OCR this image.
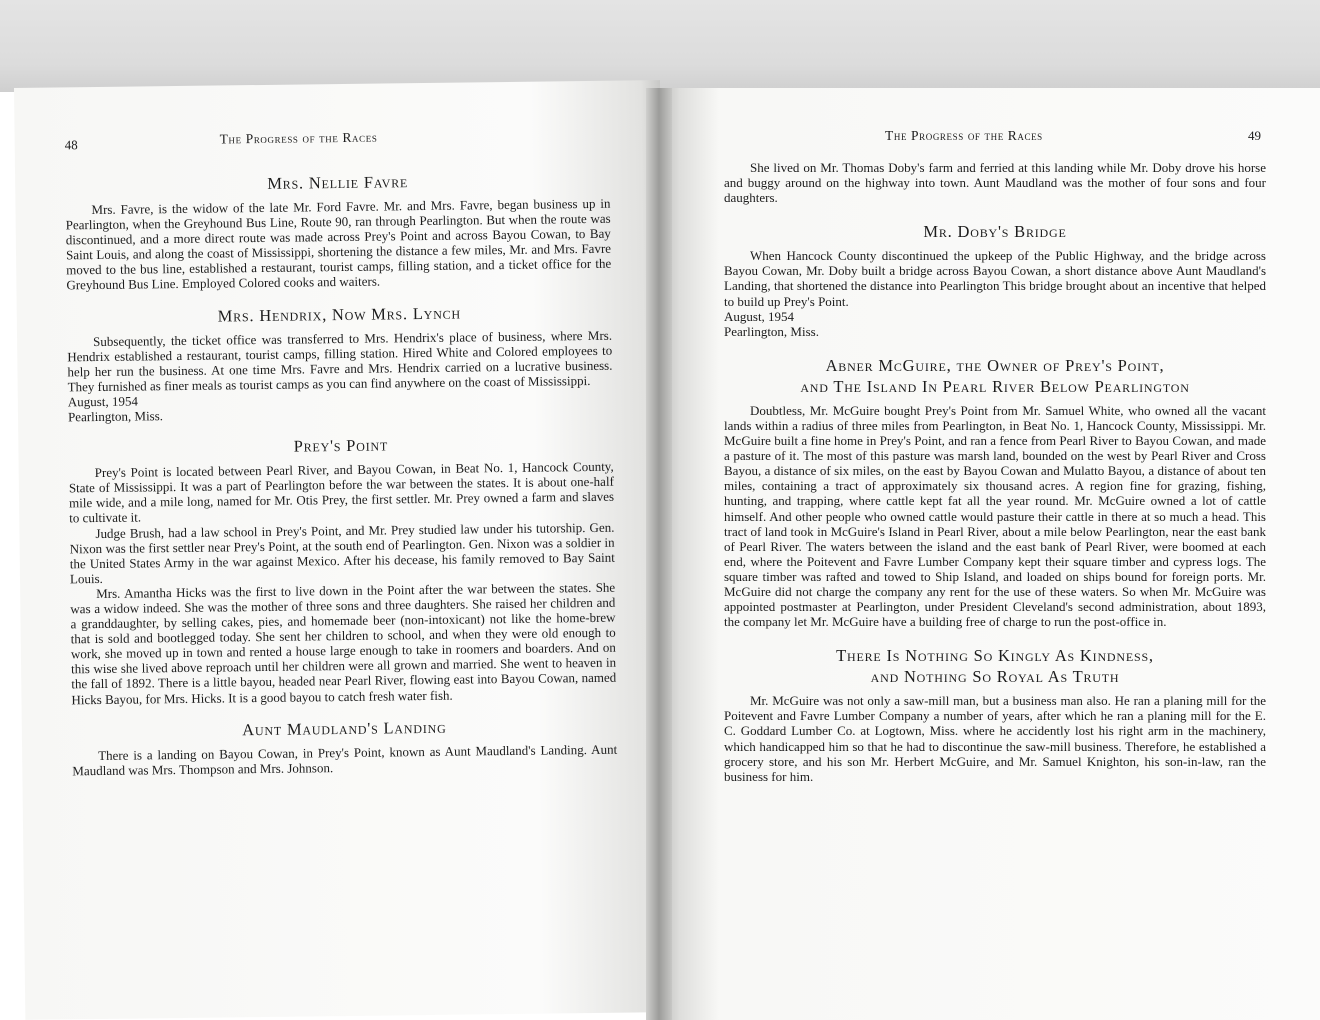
48	The Progress of the Races
Mrs. Nellie Favre

Mrs. Favre, is the widow of the late Mr. Ford Favre. Mr. and Mrs. Favre, began business up in Pearlington, when the Greyhound Bus Line, Route 90, ran through Pearlington. But when the route was discontinued, and a more direct route was made across Prey's Point and across Bayou Cowan, to Bay Saint Louis, and along the coast of Mississippi, shortening the distance a few miles, Mr. and Mrs. Favre moved to the bus line, established a restaurant, tourist camps, filling station, and a ticket office for the Greyhound Bus Line. Employed Colored cooks and waiters.

Mrs. Hendrix, Now Mrs. Lynch

Subsequently, the ticket office was transferred to Mrs. Hendrix's place of business, where Mrs. Hendrix established a restaurant, tourist camps, filling station. Hired White and Colored employees to help her run the business. At one time Mrs. Favre and Mrs. Hendrix carried on a lucrative business. They furnished as finer meals as tourist camps as you can find anywhere on the coast of Mississippi.

August, 1954

Pearlington, Miss.

Prey's Point

Prey's Point is located between Pearl River, and Bayou Cowan, in Beat No. 1, Hancock County, State of Mississippi. It was a part of Pearlington before the war between the states. It is about one-half mile wide, and a mile long, named for Mr. Otis Prey, the first settler. Mr. Prey owned a farm and slaves to cultivate it.

Judge Brush, had a law school in Prey's Point, and Mr. Prey studied law under his tutorship. Gen. Nixon was the first settler near Prey's Point, at the south end of Pearlington. Gen. Nixon was a soldier in the United States Army in the war against Mexico. After his decease, his family removed to Bay Saint Louis.

Mrs. Amantha Hicks was the first to live down in the Point after the war between the states. She was a widow indeed. She was the mother of three sons and three daughters. She raised her children and a granddaughter, by selling cakes, pies, and homemade beer (non-intoxicant) not like the home-brew that is sold and bootlegged today. She sent her children to school, and when they were old enough to work, she moved up in town and rented a house large enough to take in roomers and boarders. And on this wise she lived above reproach until her children were all grown and married. She went to heaven in the fall of 1892. There is a little bayou, headed near Pearl River, flowing east into Bayou Cowan, named Hicks Bayou, for Mrs. Hicks. It is a good bayou to catch fresh water fish.

Aunt Maudland's Landing

There is a landing on Bayou Cowan, in Prey's Point, known as Aunt Maudland's Landing. Aunt Maudland was Mrs. Thompson and Mrs. Johnson.

The Progress of the Races	49

She lived on Mr. Thomas Doby's farm and ferried at this landing while Mr. Doby drove his horse and buggy around on the highway into town. Aunt Maudland was the mother of four sons and four daughters.

Mr. Doby's Bridge

When Hancock County discontinued the upkeep of the Public Highway, and the bridge across Bayou Cowan, Mr. Doby built a bridge across Bayou Cowan, a short distance above Aunt Maudland's Landing, that shortened the distance into Pearlington This bridge brought about an incentive that helped to build up Prey's Point.

August, 1954

Pearlington, Miss.

Abner McGuire, the Owner of Prey's Point,
and The Island In Pearl River Below Pearlington

Doubtless, Mr. McGuire bought Prey's Point from Mr. Samuel White, who owned all the vacant lands within a radius of three miles from Pearlington, in Beat No. 1, Hancock County, Mississippi. Mr. McGuire built a fine home in Prey's Point, and ran a fence from Pearl River to Bayou Cowan, and made a pasture of it. The most of this pasture was marsh land, bounded on the west by Pearl River and Cross Bayou, a distance of six miles, on the east by Bayou Cowan and Mulatto Bayou, a distance of about ten miles, containing a tract of approximately six thousand acres. A region fine for grazing, fishing, hunting, and trapping, where cattle kept fat all the year round. Mr. McGuire owned a lot of cattle himself. And other people who owned cattle would pasture their cattle in there at so much a head. This tract of land took in McGuire's Island in Pearl River, about a mile below Pearlington, near the east bank of Pearl River. The waters between the island and the east bank of Pearl River, were boomed at each end, where the Poitevent and Favre Lumber Company kept their square timber and cypress logs. The square timber was rafted and towed to Ship Island, and loaded on ships bound for foreign ports. Mr. McGuire did not charge the company any rent for the use of these waters. So when Mr. McGuire was appointed postmaster at Pearlington, under President Cleveland's second administration, about 1893, the company let Mr. McGuire have a building free of charge to run the post-office in.

There Is Nothing So Kingly As Kindness,
and Nothing So Royal As Truth

Mr. McGuire was not only a saw-mill man, but a business man also. He ran a planing mill for the Poitevent and Favre Lumber Company a number of years, after which he ran a planing mill for the E. C. Goddard Lumber Co. at Logtown, Miss. where he accidently lost his right arm in the machinery, which handicapped him so that he had to discontinue the saw-mill business. Therefore, he established a grocery store, and his son Mr. Herbert McGuire, and Mr. Samuel Knighton, his son-in-law, ran the business for him.
